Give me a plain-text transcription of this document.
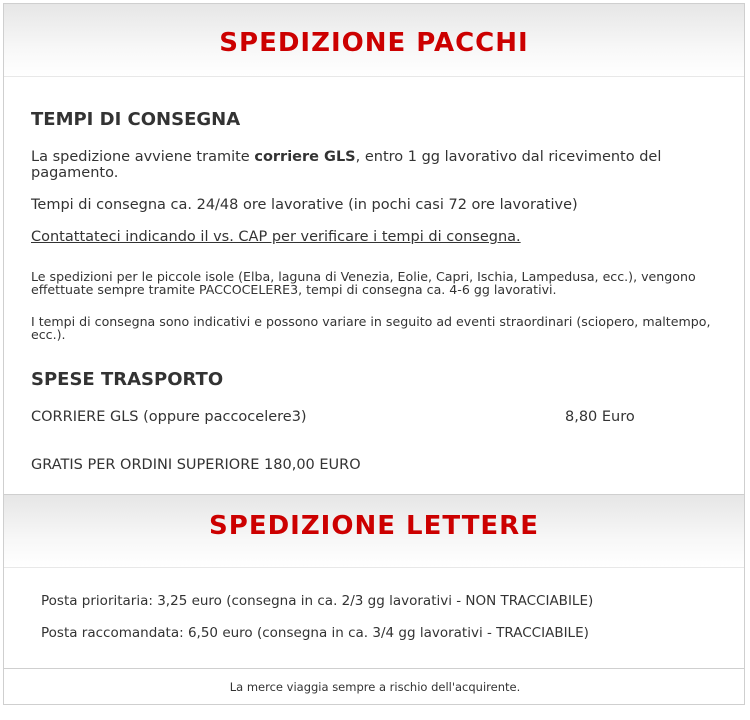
SPEDIZIONE PACCHI
TEMPI DI CONSEGNA
La spedizione avviene tramite corriere GLS, entro 1 gg lavorativo dal ricevimento del pagamento.
Tempi di consegna ca. 24/48 ore lavorative (in pochi casi 72 ore lavorative)
Contattateci indicando il vs. CAP per verificare i tempi di consegna.
Le spedizioni per le piccole isole (Elba, laguna di Venezia, Eolie, Capri, Ischia, Lampedusa, ecc.), vengono effettuate sempre tramite PACCOCELERE3, tempi di consegna ca. 4-6 gg lavorativi.
I tempi di consegna sono indicativi e possono variare in seguito ad eventi straordinari (sciopero, maltempo, ecc.).
SPESE TRASPORTO
CORRIERE GLS (oppure paccocelere3)	8,80 Euro
GRATIS PER ORDINI SUPERIORE 180,00 EURO
SPEDIZIONE LETTERE
Posta prioritaria: 3,25 euro (consegna in ca. 2/3 gg lavorativi - NON TRACCIABILE)
Posta raccomandata: 6,50 euro (consegna in ca. 3/4 gg lavorativi - TRACCIABILE)
La merce viaggia sempre a rischio dell'acquirente.
